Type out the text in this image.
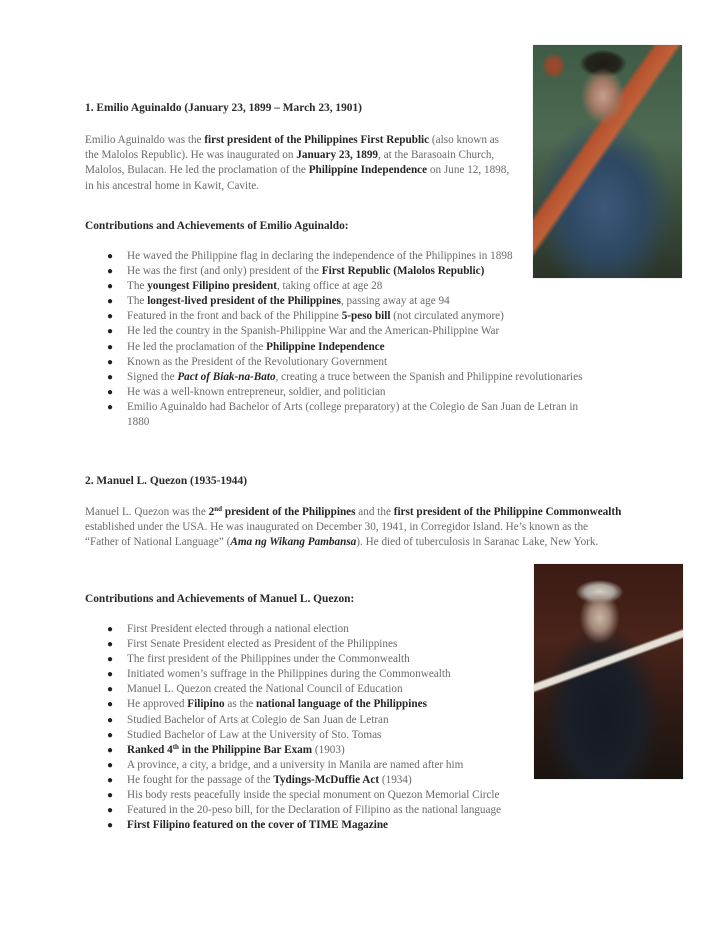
1. Emilio Aguinaldo (January 23, 1899 – March 23, 1901)
Emilio Aguinaldo was the first president of the Philippines First Republic (also known as the Malolos Republic). He was inaugurated on January 23, 1899, at the Barasoain Church, Malolos, Bulacan. He led the proclamation of the Philippine Independence on June 12, 1898, in his ancestral home in Kawit, Cavite.
Contributions and Achievements of Emilio Aguinaldo:
● He waved the Philippine flag in declaring the independence of the Philippines in 1898
● He was the first (and only) president of the First Republic (Malolos Republic)
● The youngest Filipino president, taking office at age 28
● The longest-lived president of the Philippines, passing away at age 94
● Featured in the front and back of the Philippine 5-peso bill (not circulated anymore)
● He led the country in the Spanish-Philippine War and the American-Philippine War
● He led the proclamation of the Philippine Independence
● Known as the President of the Revolutionary Government
● Signed the Pact of Biak-na-Bato, creating a truce between the Spanish and Philippine revolutionaries
● He was a well-known entrepreneur, soldier, and politician
● Emilio Aguinaldo had Bachelor of Arts (college preparatory) at the Colegio de San Juan de Letran in 1880
2. Manuel L. Quezon (1935-1944)
Manuel L. Quezon was the 2nd president of the Philippines and the first president of the Philippine Commonwealth established under the USA. He was inaugurated on December 30, 1941, in Corregidor Island. He’s known as the “Father of National Language” (Ama ng Wikang Pambansa). He died of tuberculosis in Saranac Lake, New York.
Contributions and Achievements of Manuel L. Quezon:
● First President elected through a national election
● First Senate President elected as President of the Philippines
● The first president of the Philippines under the Commonwealth
● Initiated women’s suffrage in the Philippines during the Commonwealth
● Manuel L. Quezon created the National Council of Education
● He approved Filipino as the national language of the Philippines
● Studied Bachelor of Arts at Colegio de San Juan de Letran
● Studied Bachelor of Law at the University of Sto. Tomas
● Ranked 4th in the Philippine Bar Exam (1903)
● A province, a city, a bridge, and a university in Manila are named after him
● He fought for the passage of the Tydings-McDuffie Act (1934)
● His body rests peacefully inside the special monument on Quezon Memorial Circle
● Featured in the 20-peso bill, for the Declaration of Filipino as the national language
● First Filipino featured on the cover of TIME Magazine
